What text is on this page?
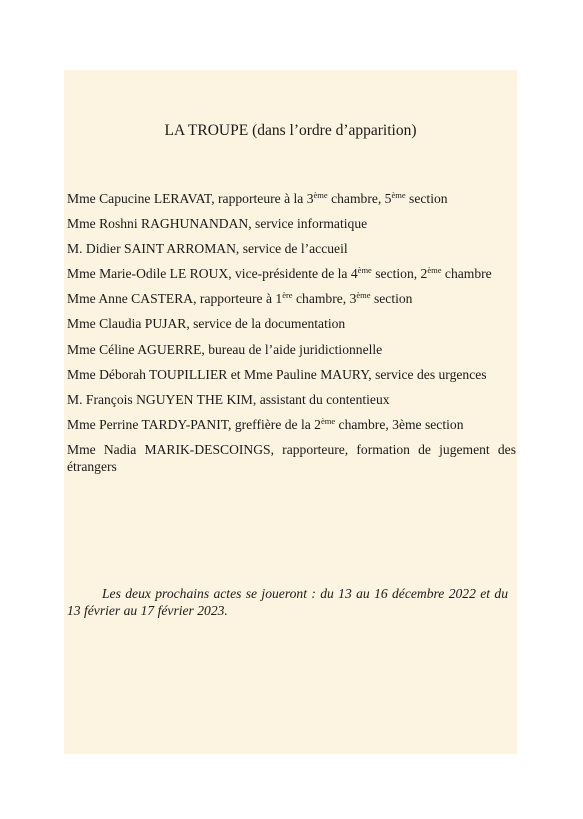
LA TROUPE (dans l’ordre d’apparition)
Mme Capucine LERAVAT, rapporteure à la 3ème chambre, 5ème section
Mme Roshni RAGHUNANDAN, service informatique
M. Didier SAINT ARROMAN, service de l’accueil
Mme Marie-Odile LE ROUX, vice-présidente de la 4ème section, 2ème chambre
Mme Anne CASTERA, rapporteure à 1ère chambre, 3ème section
Mme Claudia PUJAR, service de la documentation
Mme Céline AGUERRE, bureau de l’aide juridictionnelle
Mme Déborah TOUPILLIER et Mme Pauline MAURY, service des urgences
M. François NGUYEN THE KIM, assistant du contentieux
Mme Perrine TARDY-PANIT, greffière de la 2ème chambre, 3ème section
Mme Nadia MARIK-DESCOINGS, rapporteure, formation de jugement des étrangers

Les deux prochains actes se joueront : du 13 au 16 décembre 2022 et du 13 février au 17 février 2023.
